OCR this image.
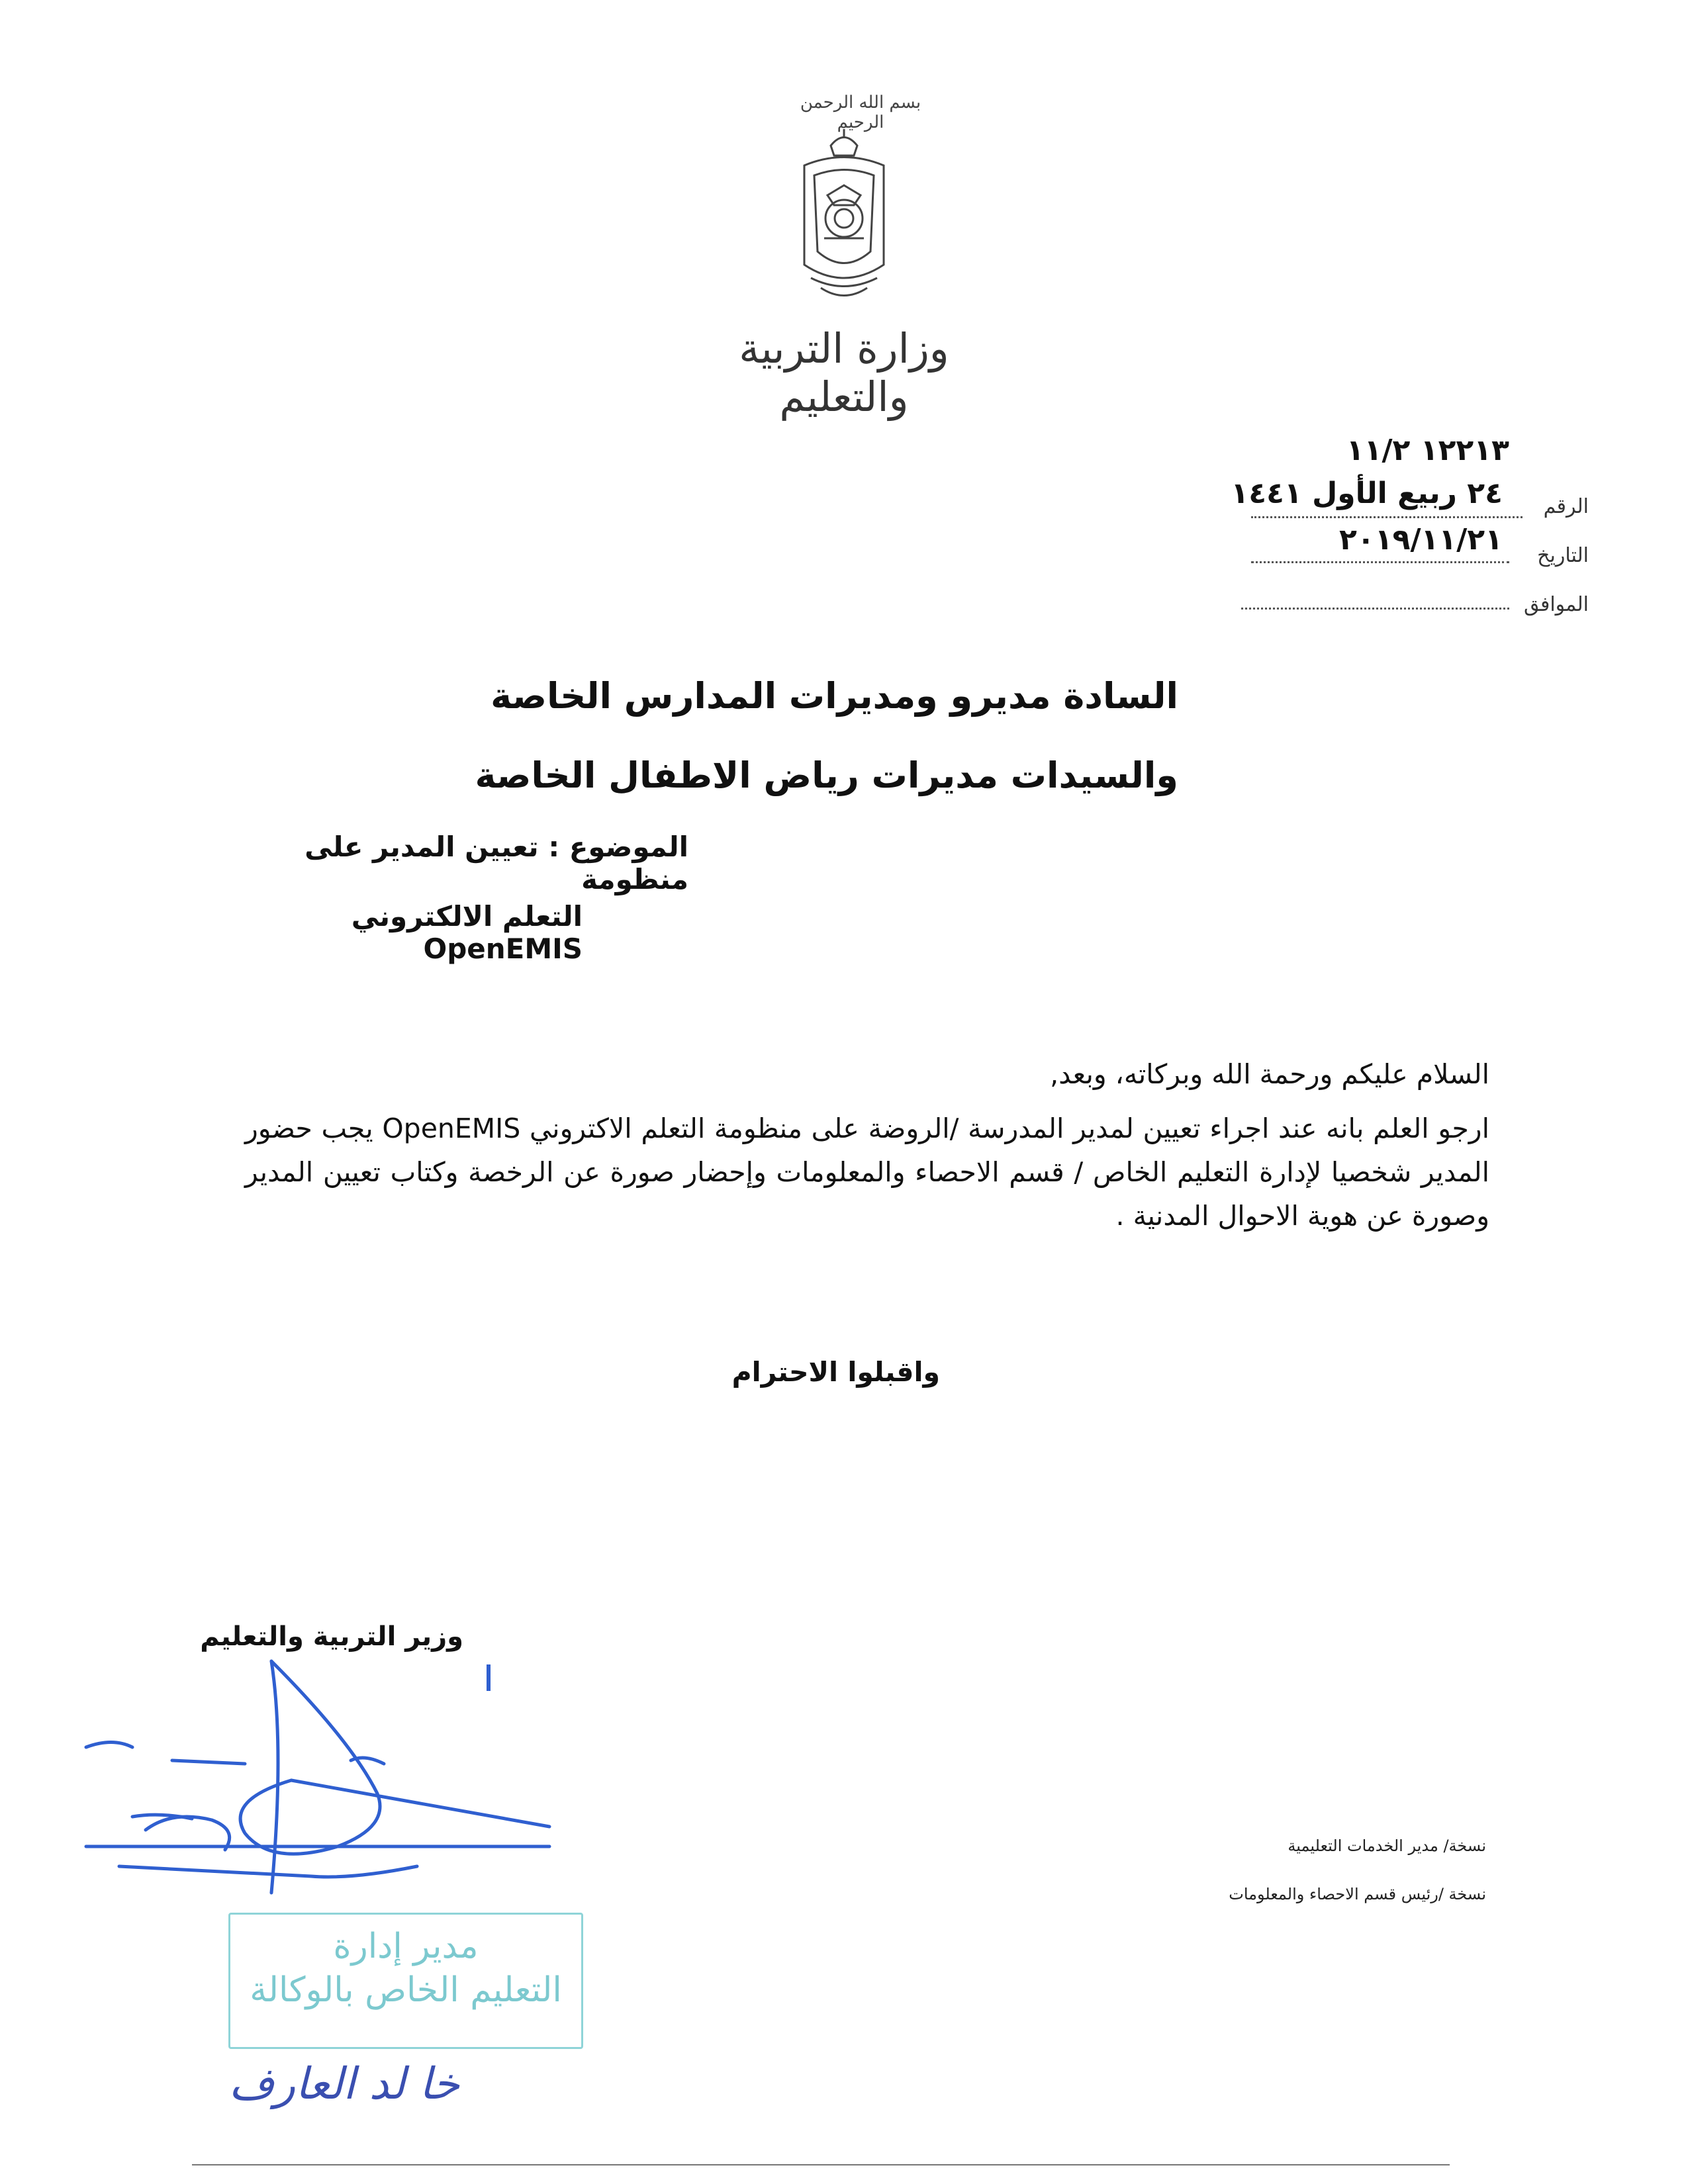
بسم الله الرحمن الرحيم
وزارة التربية والتعليم
١٢٢١٣ ١١/٢
٢٤ ربيع الأول ١٤٤١	الرقم
٢٠١٩/١١/٢١	التاريخ
الموافق
السادة مديرو ومديرات المدارس الخاصة
والسيدات مديرات رياض الاطفال الخاصة
الموضوع : تعيين المدير على منظومة
التعلم الالكتروني OpenEMIS
السلام عليكم ورحمة الله وبركاته، وبعد,
ارجو العلم بانه عند اجراء تعيين لمدير المدرسة /الروضة على منظومة التعلم الاكتروني OpenEMIS يجب حضور المدير شخصيا لإدارة التعليم الخاص / قسم الاحصاء والمعلومات وإحضار صورة عن الرخصة وكتاب تعيين المدير وصورة عن هوية الاحوال المدنية .
واقبلوا الاحترام
وزير التربية والتعليم
نسخة/ مدير الخدمات التعليمية
نسخة /رئيس قسم الاحصاء والمعلومات
مدير إدارة
التعليم الخاص بالوكالة
خا لد العارف
